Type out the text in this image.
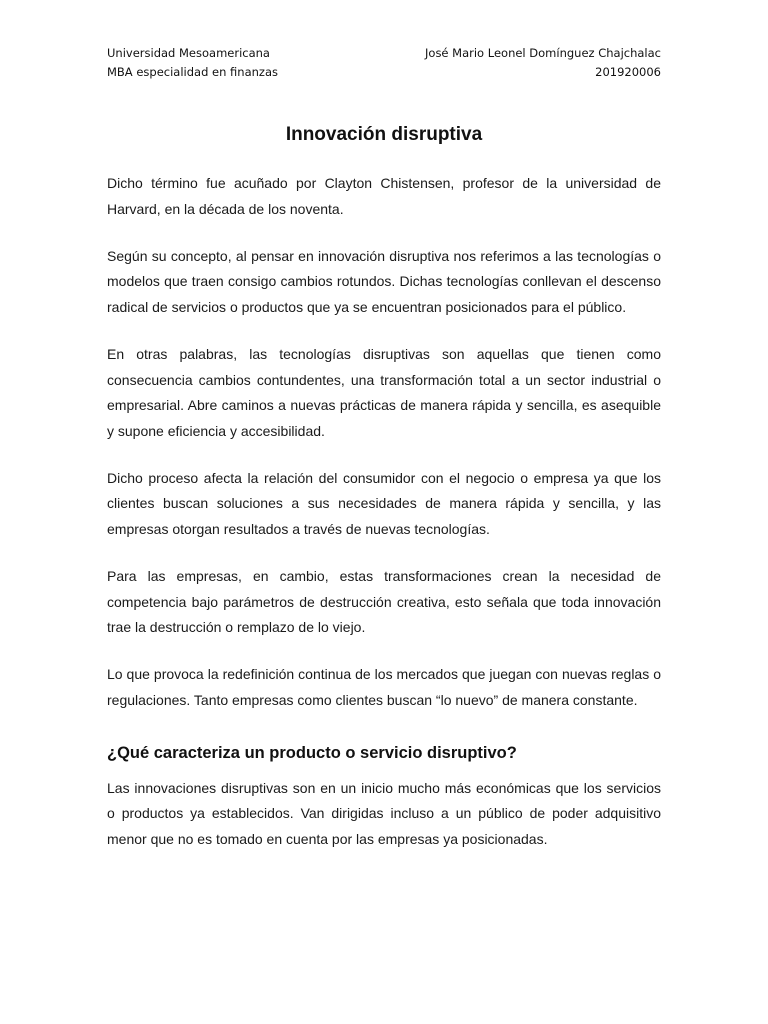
Universidad Mesoamericana
MBA especialidad en finanzas
José Mario Leonel Domínguez Chajchalac
201920006
Innovación disruptiva

Dicho término fue acuñado por Clayton Chistensen, profesor de la universidad de Harvard, en la década de los noventa.

Según su concepto, al pensar en innovación disruptiva nos referimos a las tecnologías o modelos que traen consigo cambios rotundos. Dichas tecnologías conllevan el descenso radical de servicios o productos que ya se encuentran posicionados para el público.

En otras palabras, las tecnologías disruptivas son aquellas que tienen como consecuencia cambios contundentes, una transformación total a un sector industrial o empresarial. Abre caminos a nuevas prácticas de manera rápida y sencilla, es asequible y supone eficiencia y accesibilidad.

Dicho proceso afecta la relación del consumidor con el negocio o empresa ya que los clientes buscan soluciones a sus necesidades de manera rápida y sencilla, y las empresas otorgan resultados a través de nuevas tecnologías.

Para las empresas, en cambio, estas transformaciones crean la necesidad de competencia bajo parámetros de destrucción creativa, esto señala que toda innovación trae la destrucción o remplazo de lo viejo.

Lo que provoca la redefinición continua de los mercados que juegan con nuevas reglas o regulaciones. Tanto empresas como clientes buscan “lo nuevo” de manera constante.

¿Qué caracteriza un producto o servicio disruptivo?

Las innovaciones disruptivas son en un inicio mucho más económicas que los servicios o productos ya establecidos. Van dirigidas incluso a un público de poder adquisitivo menor que no es tomado en cuenta por las empresas ya posicionadas.
